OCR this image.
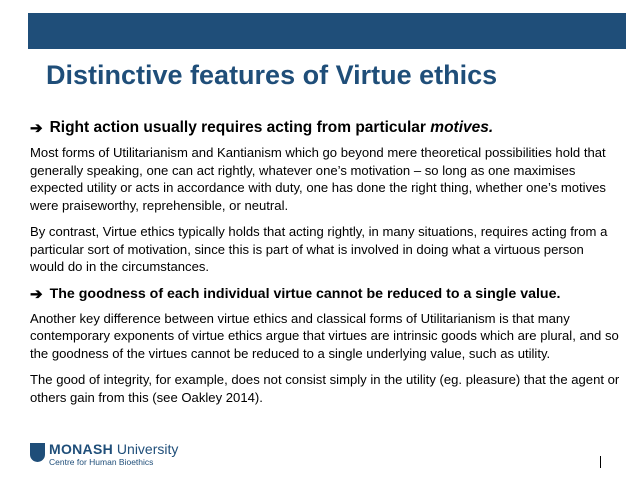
Distinctive features of Virtue ethics

➔ Right action usually requires acting from particular motives.

Most forms of Utilitarianism and Kantianism which go beyond mere theoretical possibilities hold that generally speaking, one can act rightly, whatever one’s motivation – so long as one maximises expected utility or acts in accordance with duty, one has done the right thing, whether one’s motives were praiseworthy, reprehensible, or neutral.

By contrast, Virtue ethics typically holds that acting rightly, in many situations, requires acting from a particular sort of motivation, since this is part of what is involved in doing what a virtuous person would do in the circumstances.

➔ The goodness of each individual virtue cannot be reduced to a single value.

Another key difference between virtue ethics and classical forms of Utilitarianism is that many contemporary exponents of virtue ethics argue that virtues are intrinsic goods which are plural, and so the goodness of the virtues cannot be reduced to a single underlying value, such as utility.

The good of integrity, for example, does not consist simply in the utility (eg. pleasure) that the agent or others gain from this (see Oakley 2014).

MONASH University
Centre for Human Bioethics
